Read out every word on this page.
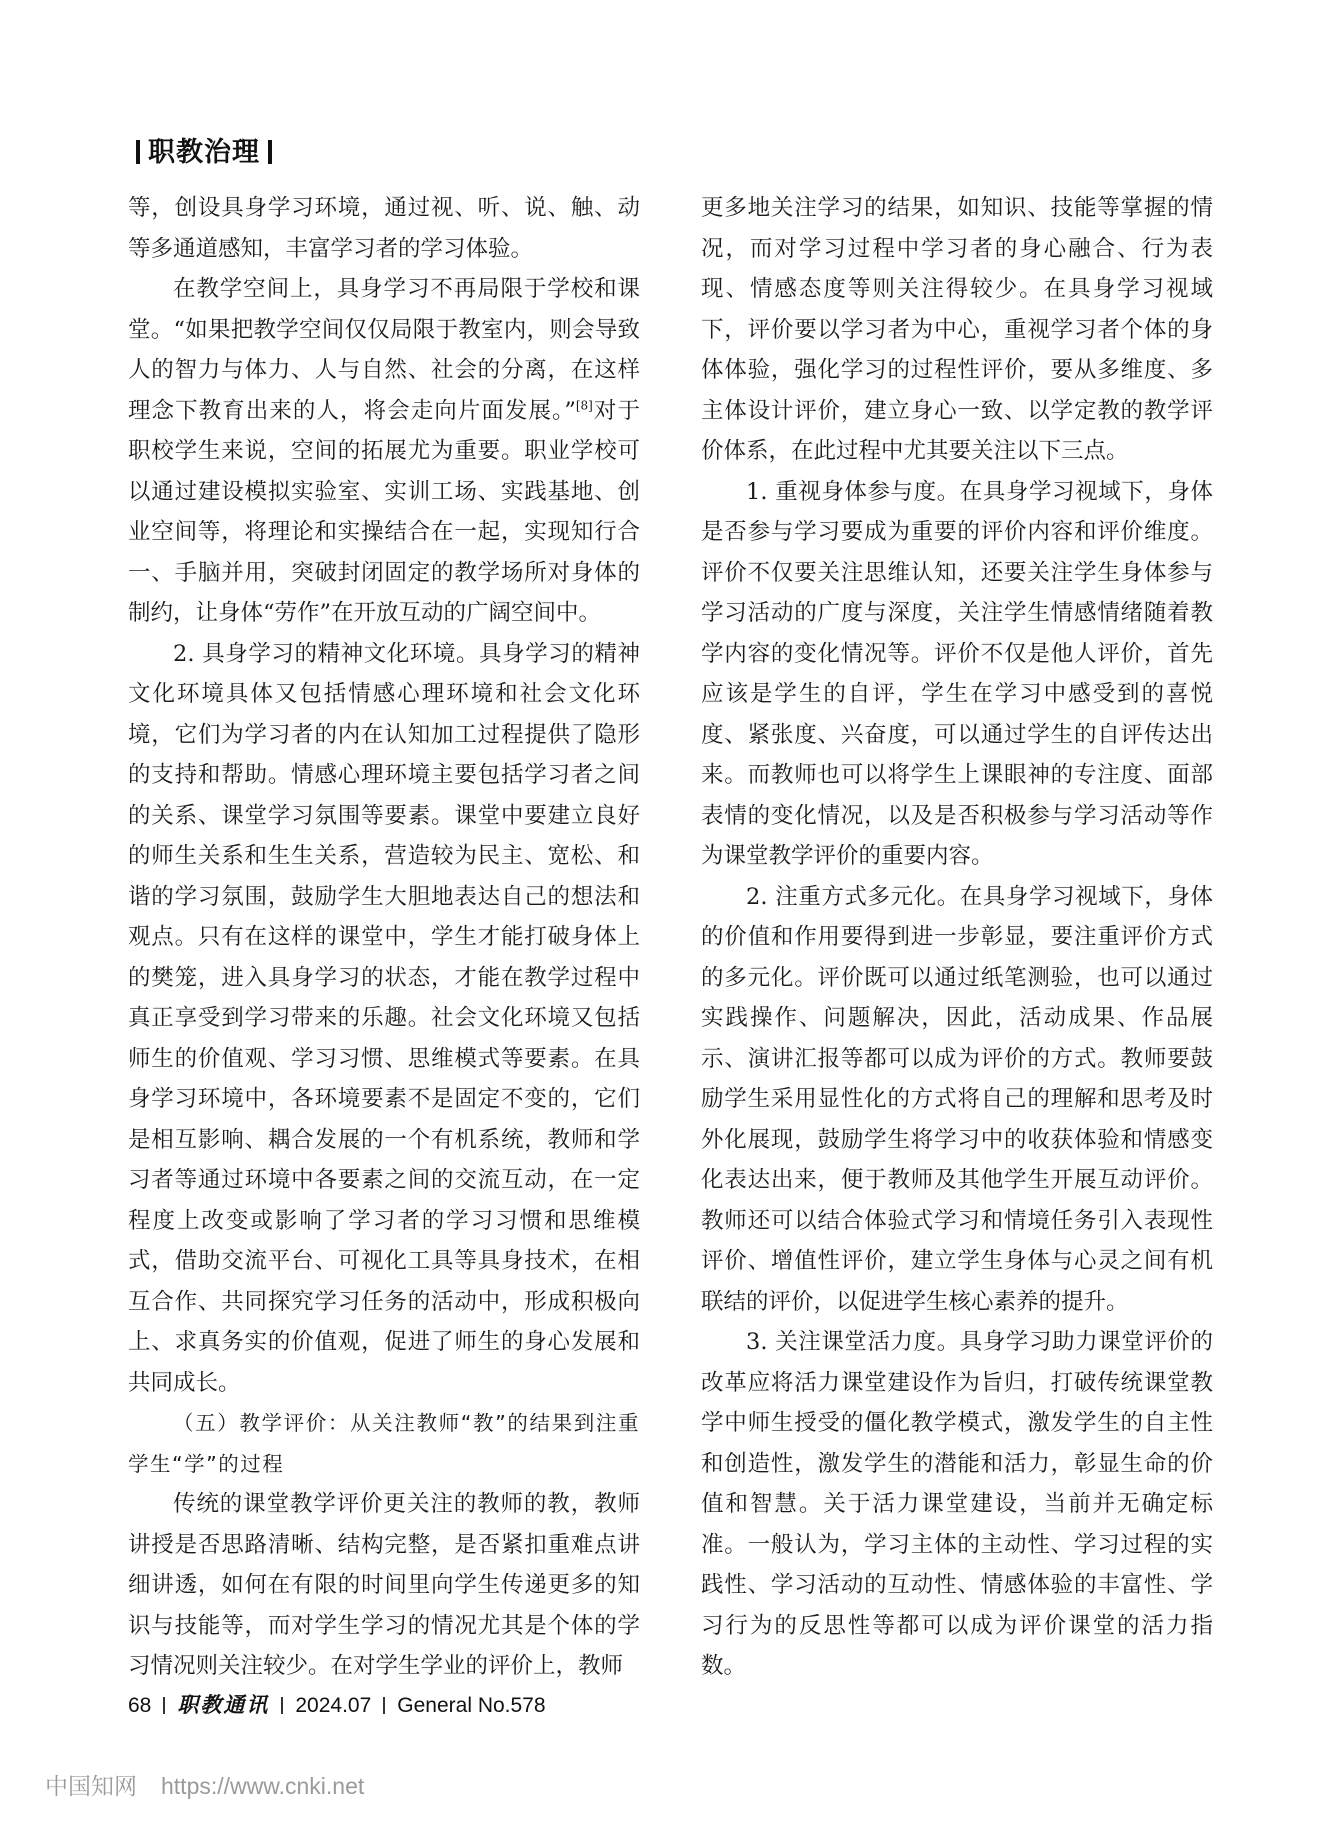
职教治理

等，创设具身学习环境，通过视、听、说、触、动等多通道感知，丰富学习者的学习体验。

在教学空间上，具身学习不再局限于学校和课堂。“如果把教学空间仅仅局限于教室内，则会导致人的智力与体力、人与自然、社会的分离，在这样理念下教育出来的人，将会走向片面发展。”[8]对于职校学生来说，空间的拓展尤为重要。职业学校可以通过建设模拟实验室、实训工场、实践基地、创业空间等，将理论和实操结合在一起，实现知行合一、手脑并用，突破封闭固定的教学场所对身体的制约，让身体“劳作”在开放互动的广阔空间中。

2. 具身学习的精神文化环境。具身学习的精神文化环境具体又包括情感心理环境和社会文化环境，它们为学习者的内在认知加工过程提供了隐形的支持和帮助。情感心理环境主要包括学习者之间的关系、课堂学习氛围等要素。课堂中要建立良好的师生关系和生生关系，营造较为民主、宽松、和谐的学习氛围，鼓励学生大胆地表达自己的想法和观点。只有在这样的课堂中，学生才能打破身体上的樊笼，进入具身学习的状态，才能在教学过程中真正享受到学习带来的乐趣。社会文化环境又包括师生的价值观、学习习惯、思维模式等要素。在具身学习环境中，各环境要素不是固定不变的，它们是相互影响、耦合发展的一个有机系统，教师和学习者等通过环境中各要素之间的交流互动，在一定程度上改变或影响了学习者的学习习惯和思维模式，借助交流平台、可视化工具等具身技术，在相互合作、共同探究学习任务的活动中，形成积极向上、求真务实的价值观，促进了师生的身心发展和共同成长。

（五）教学评价：从关注教师“教”的结果到注重学生“学”的过程

传统的课堂教学评价更关注的教师的教，教师讲授是否思路清晰、结构完整，是否紧扣重难点讲细讲透，如何在有限的时间里向学生传递更多的知识与技能等，而对学生学习的情况尤其是个体的学习情况则关注较少。在对学生学业的评价上，教师

更多地关注学习的结果，如知识、技能等掌握的情况，而对学习过程中学习者的身心融合、行为表现、情感态度等则关注得较少。在具身学习视域下，评价要以学习者为中心，重视学习者个体的身体体验，强化学习的过程性评价，要从多维度、多主体设计评价，建立身心一致、以学定教的教学评价体系，在此过程中尤其要关注以下三点。

1. 重视身体参与度。在具身学习视域下，身体是否参与学习要成为重要的评价内容和评价维度。评价不仅要关注思维认知，还要关注学生身体参与学习活动的广度与深度，关注学生情感情绪随着教学内容的变化情况等。评价不仅是他人评价，首先应该是学生的自评，学生在学习中感受到的喜悦度、紧张度、兴奋度，可以通过学生的自评传达出来。而教师也可以将学生上课眼神的专注度、面部表情的变化情况，以及是否积极参与学习活动等作为课堂教学评价的重要内容。

2. 注重方式多元化。在具身学习视域下，身体的价值和作用要得到进一步彰显，要注重评价方式的多元化。评价既可以通过纸笔测验，也可以通过实践操作、问题解决，因此，活动成果、作品展示、演讲汇报等都可以成为评价的方式。教师要鼓励学生采用显性化的方式将自己的理解和思考及时外化展现，鼓励学生将学习中的收获体验和情感变化表达出来，便于教师及其他学生开展互动评价。教师还可以结合体验式学习和情境任务引入表现性评价、增值性评价，建立学生身体与心灵之间有机联结的评价，以促进学生核心素养的提升。

3. 关注课堂活力度。具身学习助力课堂评价的改革应将活力课堂建设作为旨归，打破传统课堂教学中师生授受的僵化教学模式，激发学生的自主性和创造性，激发学生的潜能和活力，彰显生命的价值和智慧。关于活力课堂建设，当前并无确定标准。一般认为，学习主体的主动性、学习过程的实践性、学习活动的互动性、情感体验的丰富性、学习行为的反思性等都可以成为评价课堂的活力指数。

68 职教通讯 2024.07 General No.578
中国知网 https://www.cnki.net
